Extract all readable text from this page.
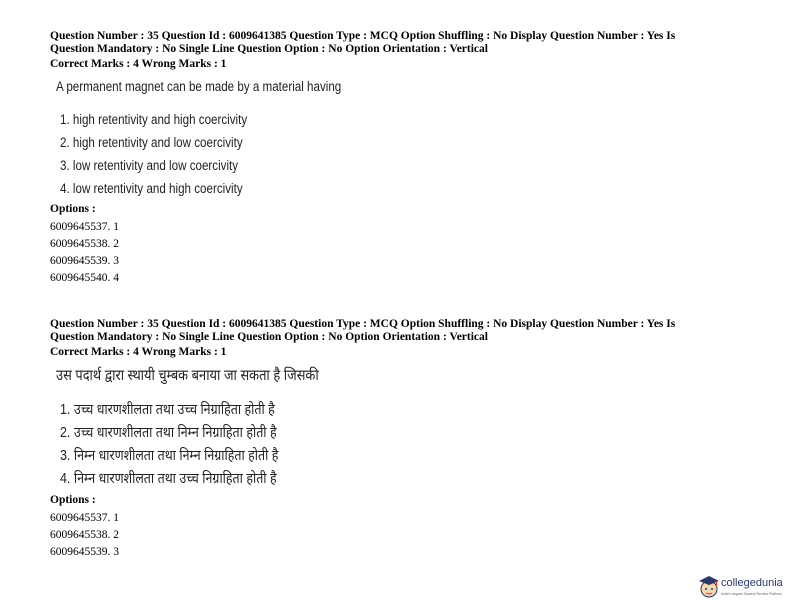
Question Number : 35 Question Id : 6009641385 Question Type : MCQ Option Shuffling : No Display Question Number : Yes Is
Question Mandatory : No Single Line Question Option : No Option Orientation : Vertical

Correct Marks : 4 Wrong Marks : 1

A permanent magnet can be made by a material having

1. high retentivity and high coercivity
2. high retentivity and low coercivity
3. low retentivity and low coercivity
4. low retentivity and high coercivity

Options :

6009645537. 1
6009645538. 2
6009645539. 3
6009645540. 4

Question Number : 35 Question Id : 6009641385 Question Type : MCQ Option Shuffling : No Display Question Number : Yes Is
Question Mandatory : No Single Line Question Option : No Option Orientation : Vertical

Correct Marks : 4 Wrong Marks : 1

उस पदार्थ द्वारा स्थायी चुम्बक बनाया जा सकता है जिसकी

1. उच्च धारणशीलता तथा उच्च निग्राहिता होती है
2. उच्च धारणशीलता तथा निम्न निग्राहिता होती है
3. निम्न धारणशीलता तथा निम्न निग्राहिता होती है
4. निम्न धारणशीलता तथा उच्च निग्राहिता होती है

Options :

6009645537. 1
6009645538. 2
6009645539. 3
collegedunia
India's largest Student Review Platform
